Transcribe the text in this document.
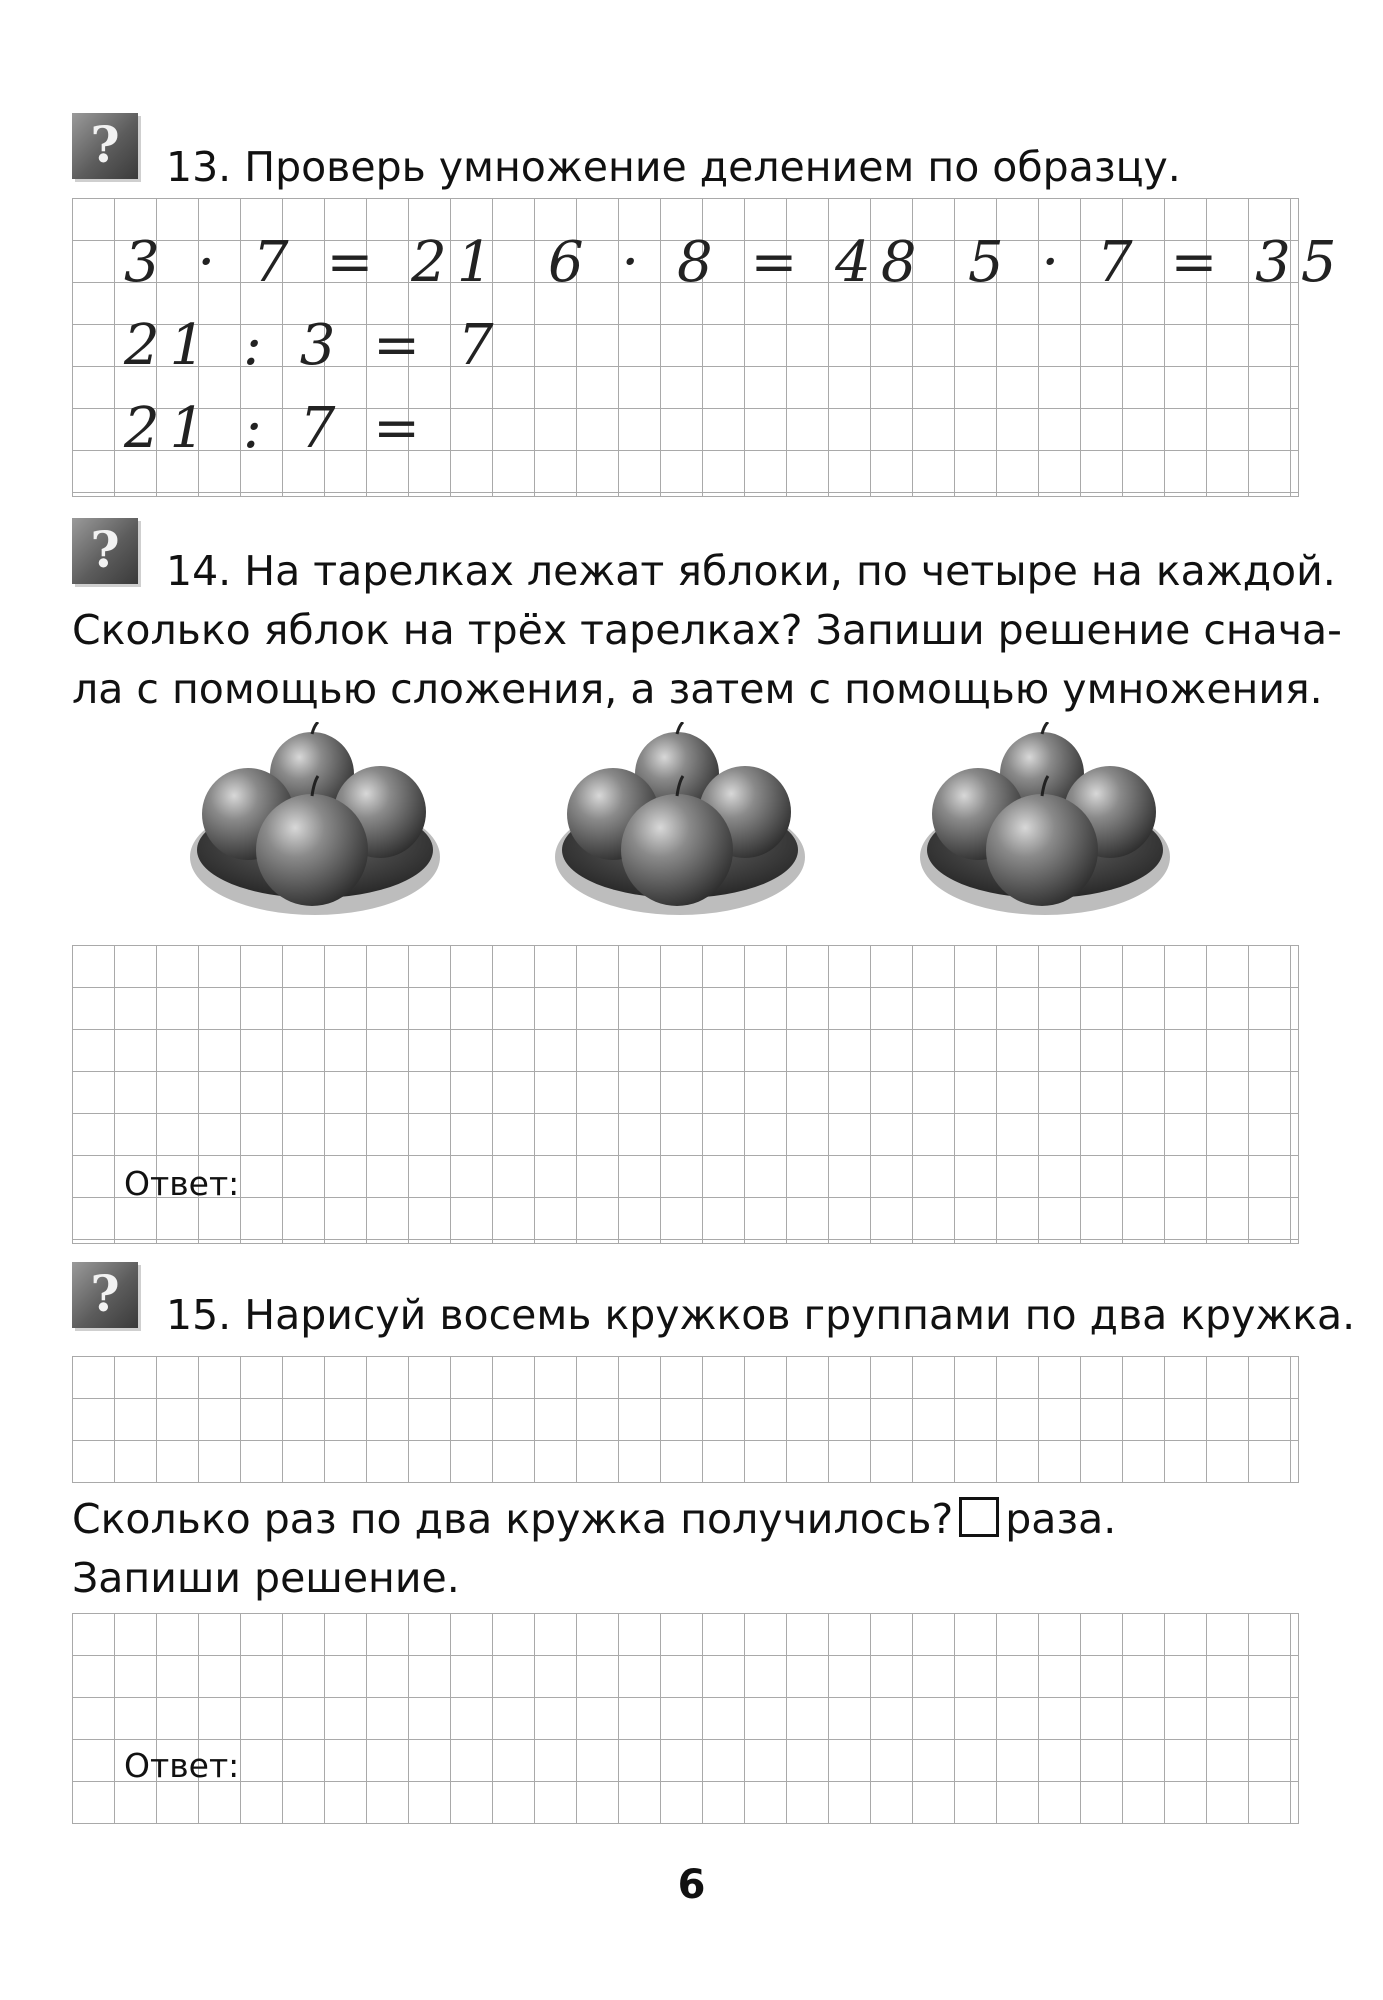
?	13. Проверь умножение делением по образцу.
3 · 7 = 21
21 : 3 = 7
21 : 7 =
6 · 8 = 48 5 · 7 = 35
?	14. На тарелках лежат яблоки, по четыре на каждой.
Сколько яблок на трёх тарелках? Запиши решение снача-
ла с помощью сложения, а затем с помощью умножения.
Ответ:
?	15. Нарисуй восемь кружков группами по два кружка.
Сколько раз по два кружка получилось? раза.
Запиши решение.
Ответ:
6
